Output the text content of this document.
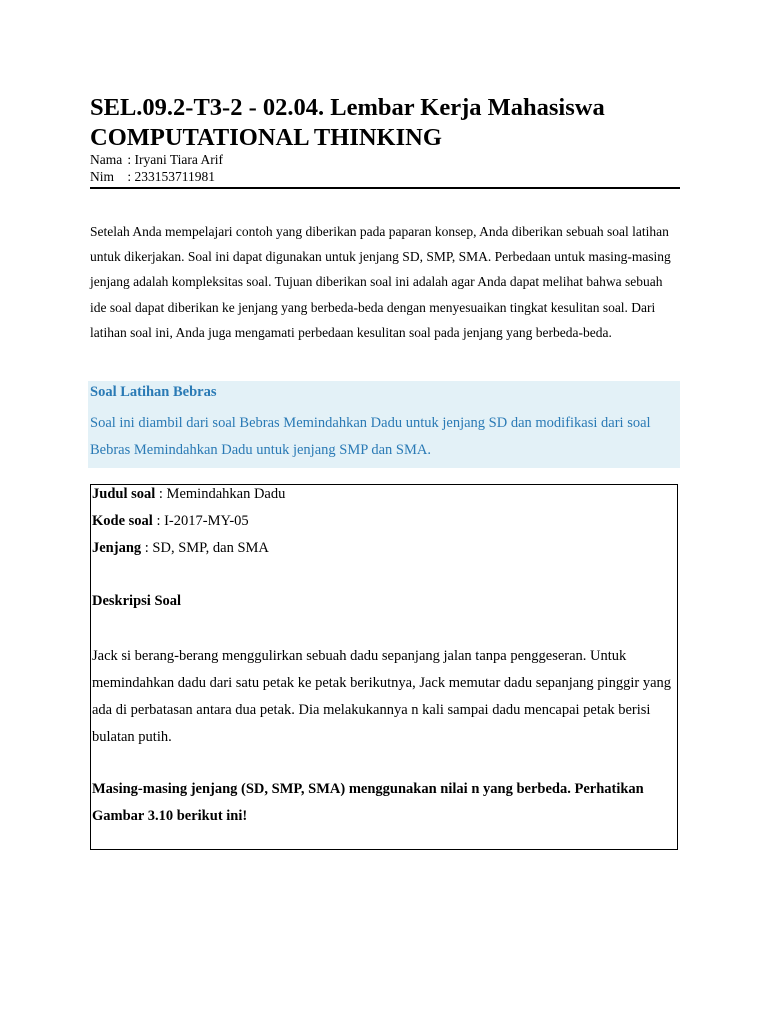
SEL.09.2-T3-2 - 02.04. Lembar Kerja Mahasiswa
COMPUTATIONAL THINKING
Nama : Iryani Tiara Arif
Nim : 233153711981

Setelah Anda mempelajari contoh yang diberikan pada paparan konsep, Anda diberikan sebuah soal latihan untuk dikerjakan. Soal ini dapat digunakan untuk jenjang SD, SMP, SMA. Perbedaan untuk masing-masing jenjang adalah kompleksitas soal. Tujuan diberikan soal ini adalah agar Anda dapat melihat bahwa sebuah ide soal dapat diberikan ke jenjang yang berbeda-beda dengan menyesuaikan tingkat kesulitan soal. Dari latihan soal ini, Anda juga mengamati perbedaan kesulitan soal pada jenjang yang berbeda-beda.

Soal Latihan Bebras

Soal ini diambil dari soal Bebras Memindahkan Dadu untuk jenjang SD dan modifikasi dari soal Bebras Memindahkan Dadu untuk jenjang SMP dan SMA.

Judul soal : Memindahkan Dadu
Kode soal : I-2017-MY-05
Jenjang : SD, SMP, dan SMA
Deskripsi Soal

Jack si berang-berang menggulirkan sebuah dadu sepanjang jalan tanpa penggeseran. Untuk memindahkan dadu dari satu petak ke petak berikutnya, Jack memutar dadu sepanjang pinggir yang ada di perbatasan antara dua petak. Dia melakukannya n kali sampai dadu mencapai petak berisi bulatan putih.

Masing-masing jenjang (SD, SMP, SMA) menggunakan nilai n yang berbeda. Perhatikan Gambar 3.10 berikut ini!
